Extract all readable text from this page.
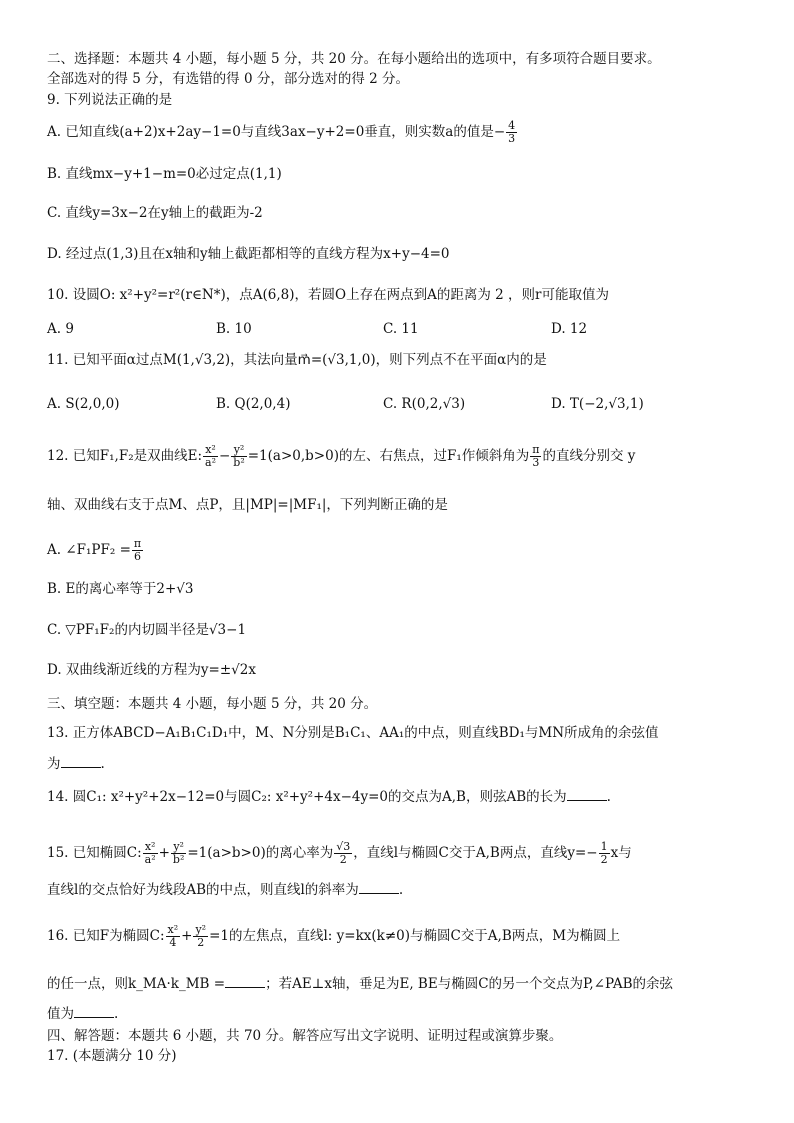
二、选择题：本题共 4 小题，每小题 5 分，共 20 分。在每小题给出的选项中，有多项符合题目要求。
全部选对的得 5 分，有选错的得 0 分，部分选对的得 2 分。
9. 下列说法正确的是
A. 已知直线(a+2)x+2ay−1=0与直线3ax−y+2=0垂直，则实数a的值是− $\frac{4}{3}$
B. 直线mx−y+1−m=0必过定点(1,1)
C. 直线y=3x−2在y轴上的截距为-2
D. 经过点(1,3)且在x轴和y轴上截距都相等的直线方程为x+y−4=0
10. 设圆O: x²+y²=r²(r∈N*)，点A(6,8)，若圆O上存在两点到A的距离为 2 ，则r可能取值为
A. 9	B. 10	C. 11	D. 12
11. 已知平面α过点M(1,√3,2)，其法向量m⃗=(√3,1,0)，则下列点不在平面α内的是
A. S(2,0,0)	B. Q(2,0,4)	C. R(0,2,√3)	D. T(−2,√3,1)
12. 已知F₁,F₂是双曲线E: $\frac{\text{x²}}{\text{a²}} - \frac{\text{y²}}{\text{b²}} =1(a>0,b>0)$的左、右焦点，过F₁作倾斜角为 $\frac{\pi}{3}$ 的直线分别交 y
轴、双曲线右支于点M、点P，且|MP|=|MF₁|，下列判断正确的是
A. ∠F₁PF₂ = $\frac{\pi}{6}$
B. E的离心率等于2+√3
C. ▽PF₁F₂的内切圆半径是√3−1
D. 双曲线渐近线的方程为y=±√2x
三、填空题：本题共 4 小题，每小题 5 分，共 20 分。
13. 正方体ABCD−A₁B₁C₁D₁中，M、N分别是B₁C₁、AA₁的中点，则直线BD₁与MN所成角的余弦值
为	.
14. 圆C₁: x²+y²+2x−12=0与圆C₂: x²+y²+4x−4y=0的交点为A,B，则弦AB的长为	.
15. 已知椭圆C: $\frac{\text{x²}}{\text{a²}} + \frac{\text{y²}}{\text{b²}} =1(a>b>0)$的离心率为 $\frac{√3}{2}$ ，直线l与椭圆C交于A,B两点，直线$y=- \frac{1}{2}$ x与
直线l的交点恰好为线段AB的中点，则直线l的斜率为	.
16. 已知F为椭圆C: $\frac{\text{x²}}{4} + \frac{\text{y²}}{2} =1$的左焦点，直线l: y=kx(k≠0)与椭圆C交于A,B两点，M为椭圆上
的任一点，则k_MA·k_MB =	；若AE⊥x轴，垂足为E, BE与椭圆C的另一个交点为P,∠PAB的余弦
值为	.
四、解答题：本题共 6 小题，共 70 分。解答应写出文字说明、证明过程或演算步聚。
17. (本题满分 10 分)
